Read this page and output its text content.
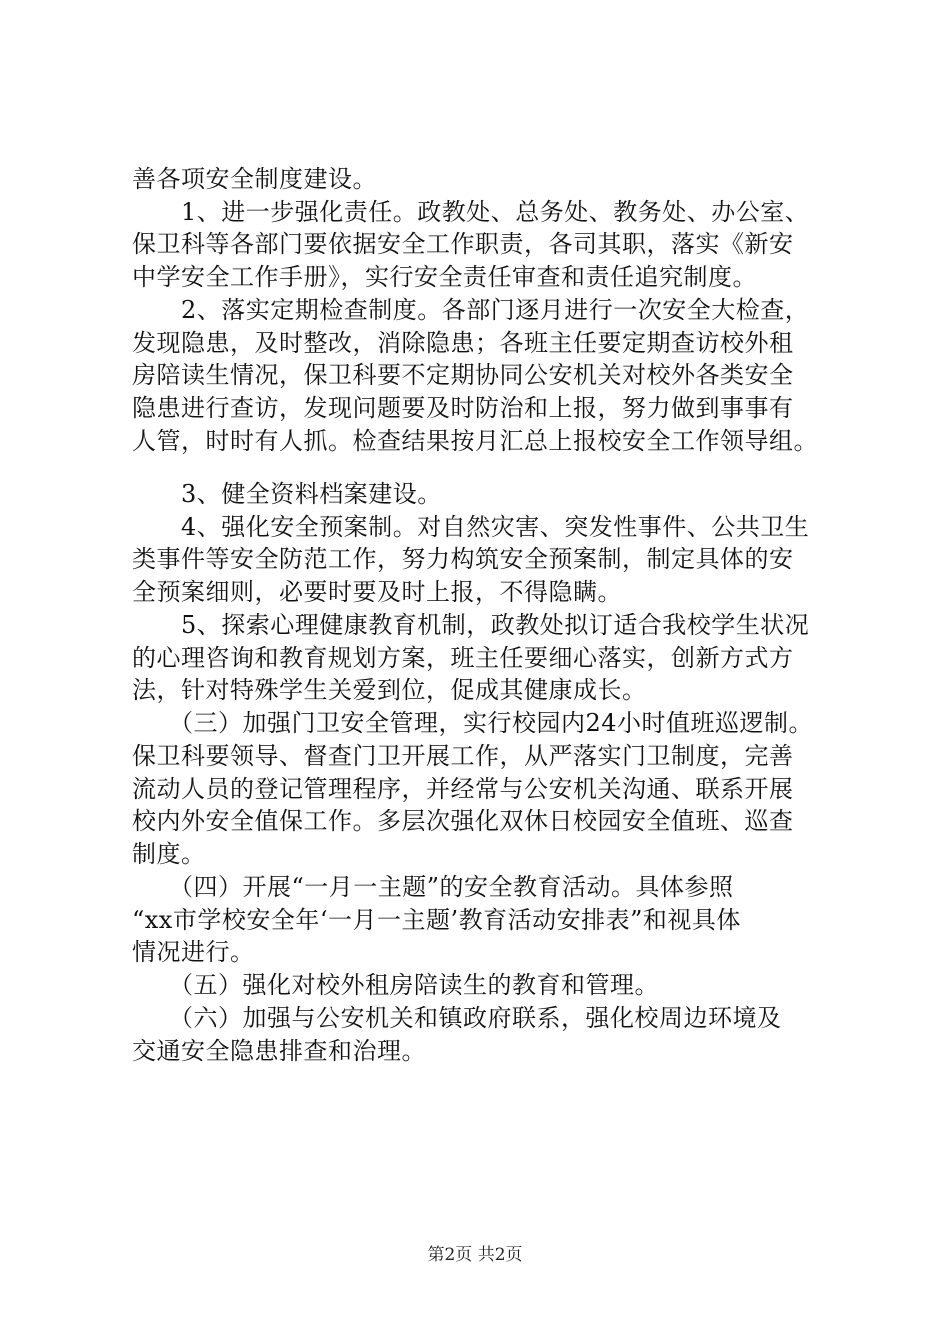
善各项安全制度建设。
　　1、进一步强化责任。政教处、总务处、教务处、办公室、
保卫科等各部门要依据安全工作职责，各司其职，落实《新安
中学安全工作手册》，实行安全责任审查和责任追究制度。
　　2、落实定期检查制度。各部门逐月进行一次安全大检查，
发现隐患，及时整改，消除隐患；各班主任要定期查访校外租
房陪读生情况，保卫科要不定期协同公安机关对校外各类安全
隐患进行查访，发现问题要及时防治和上报，努力做到事事有
人管，时时有人抓。检查结果按月汇总上报校安全工作领导组。
　　3、健全资料档案建设。
　　4、强化安全预案制。对自然灾害、突发性事件、公共卫生
类事件等安全防范工作，努力构筑安全预案制，制定具体的安
全预案细则，必要时要及时上报，不得隐瞒。
　　5、探索心理健康教育机制，政教处拟订适合我校学生状况
的心理咨询和教育规划方案，班主任要细心落实，创新方式方
法，针对特殊学生关爱到位，促成其健康成长。
　　（三）加强门卫安全管理，实行校园内24小时值班巡逻制。
保卫科要领导、督查门卫开展工作，从严落实门卫制度，完善
流动人员的登记管理程序，并经常与公安机关沟通、联系开展
校内外安全值保工作。多层次强化双休日校园安全值班、巡查
制度。
　　（四）开展“一月一主题”的安全教育活动。具体参照
“xx市学校安全年‘一月一主题’教育活动安排表”和视具体
情况进行。
　　（五）强化对校外租房陪读生的教育和管理。
　　（六）加强与公安机关和镇政府联系，强化校周边环境及
交通安全隐患排查和治理。
第2页 共2页
